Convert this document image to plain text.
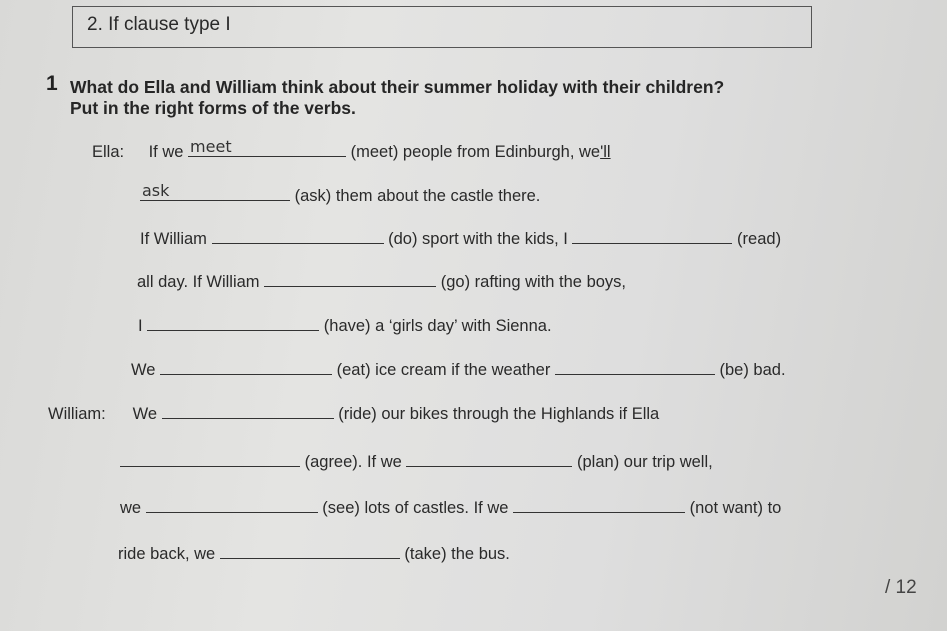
2. If clause type I
1 What do Ella and William think about their summer holiday with their children?
Put in the right forms of the verbs.
Ella: If we meet	(meet) people from Edinburgh, we'll
ask	(ask) them about the castle there.
If William	(do) sport with the kids, I	(read)
all day. If William	(go) rafting with the boys,
I	(have) a ‘girls day’ with Sienna.
We	(eat) ice cream if the weather	(be) bad.
William: We	(ride) our bikes through the Highlands if Ella
(agree). If we	(plan) our trip well,
we	(see) lots of castles. If we	(not want) to
ride back, we	(take) the bus.
/ 12
